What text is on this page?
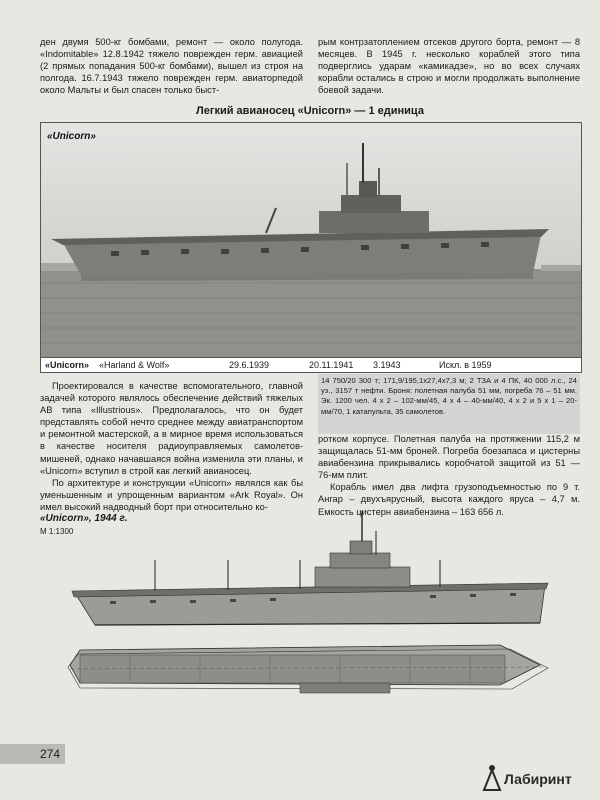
ден двумя 500-кг бомбами, ремонт — около полугода. «Indomitable» 12.8.1942 тяжело поврежден герм. авиацией (2 прямых попадания 500-кг бомбами), вышел из строя на полгода. 16.7.1943 тяжело поврежден герм. авиаторпедой около Мальты и был спасен только быст-

рым контрзатоплением отсеков другого борта, ремонт — 8 месяцев. В 1945 г. несколько кораблей этого типа подверглись ударам «камикадзе», но во всех случаях корабли остались в строю и могли продолжать выполнение боевой задачи.

Легкий авианосец «Unicorn» — 1 единица
«Unicorn»
«Unicorn» «Harland & Wolf»	29.6.1939	20.11.1941 3.1943	Искл. в 1959

Проектировался в качестве вспомогательного, главной задачей которого являлось обеспечение действий тяжелых АВ типа «Illustrious». Предполагалось, что он будет представлять собой нечто среднее между авиатранспортом и ремонтной мастерской, а в мирное время использоваться в качестве носителя радиоуправляемых самолетов-мишеней, однако начавшаяся война изменила эти планы, и «Unicorn» вступил в строй как легкий авианосец.

По архитектуре и конструкции «Unicorn» являлся как бы уменьшенным и упрощенным вариантом «Ark Royal». Он имел высокий надводный борт при относительно ко-

14 750/20 300 т; 171,9/195,1x27,4x7,3 м; 2 ТЗА и 4 ПК, 40 000 л.с., 24 уз., 3157 т нефти. Броня: полетная палуба 51 мм, погреба 76 – 51 мм. Эк. 1200 чел. 4 х 2 – 102-мм/45, 4 х 4 – 40-мм/40, 4 х 2 и 5 х 1 – 20-мм/70, 1 катапульта, 35 самолетов.

ротком корпусе. Полетная палуба на протяжении 115,2 м защищалась 51-мм броней. Погреба боезапаса и цистерны авиабензина прикрывались коробчатой защитой из 51 — 76-мм плит.

Корабль имел два лифта грузоподъемностью по 9 т. Ангар – двухъярусный, высота каждого яруса – 4,7 м. Емкость цистерн авиабензина – 163 656 л.

«Unicorn», 1944 г.
М 1:1300
274
Лабиринт
